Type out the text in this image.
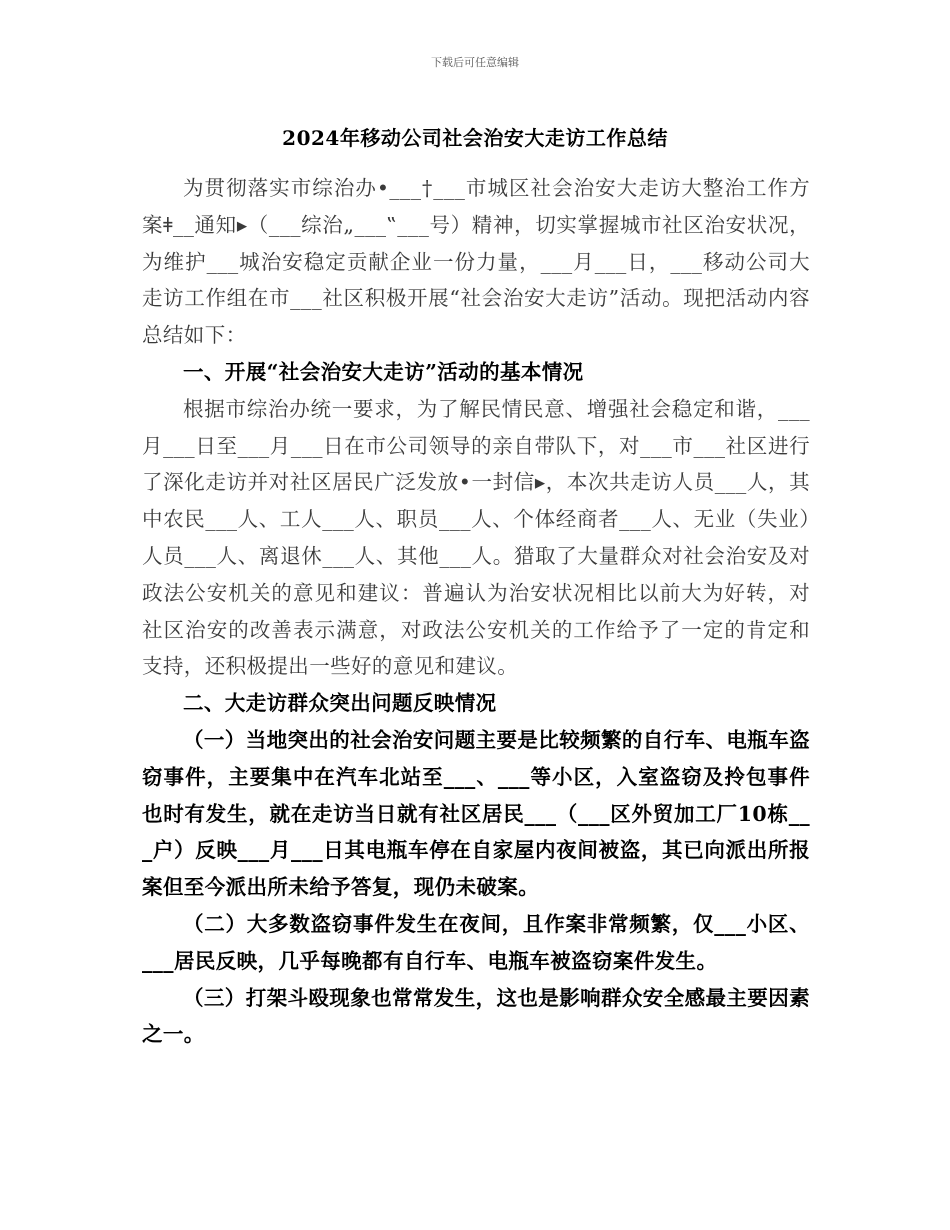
下载后可任意编辑
2024年移动公司社会治安大走访工作总结

为贯彻落实市综治办•___†___市城区社会治安大走访大整治工作方案ǂ__通知▸（___综治„___‟___号）精神，切实掌握城市社区治安状况，为维护___城治安稳定贡献企业一份力量，___月___日，___移动公司大走访工作组在市___社区积极开展“社会治安大走访”活动。现把活动内容总结如下：

一、开展“社会治安大走访”活动的基本情况

根据市综治办统一要求，为了解民情民意、增强社会稳定和谐，___月___日至___月___日在市公司领导的亲自带队下，对___市___社区进行了深化走访并对社区居民广泛发放•一封信▸，本次共走访人员___人，其中农民___人、工人___人、职员___人、个体经商者___人、无业（失业）人员___人、离退休___人、其他___人。猎取了大量群众对社会治安及对政法公安机关的意见和建议：普遍认为治安状况相比以前大为好转，对社区治安的改善表示满意，对政法公安机关的工作给予了一定的肯定和支持，还积极提出一些好的意见和建议。

二、大走访群众突出问题反映情况

（一）当地突出的社会治安问题主要是比较频繁的自行车、电瓶车盗窃事件，主要集中在汽车北站至___、___等小区，入室盗窃及拎包事件也时有发生，就在走访当日就有社区居民___（___区外贸加工厂10栋___户）反映___月___日其电瓶车停在自家屋内夜间被盗，其已向派出所报案但至今派出所未给予答复，现仍未破案。

（二）大多数盗窃事件发生在夜间，且作案非常频繁，仅___小区、___居民反映，几乎每晚都有自行车、电瓶车被盗窃案件发生。

（三）打架斗殴现象也常常发生，这也是影响群众安全感最主要因素之一。
